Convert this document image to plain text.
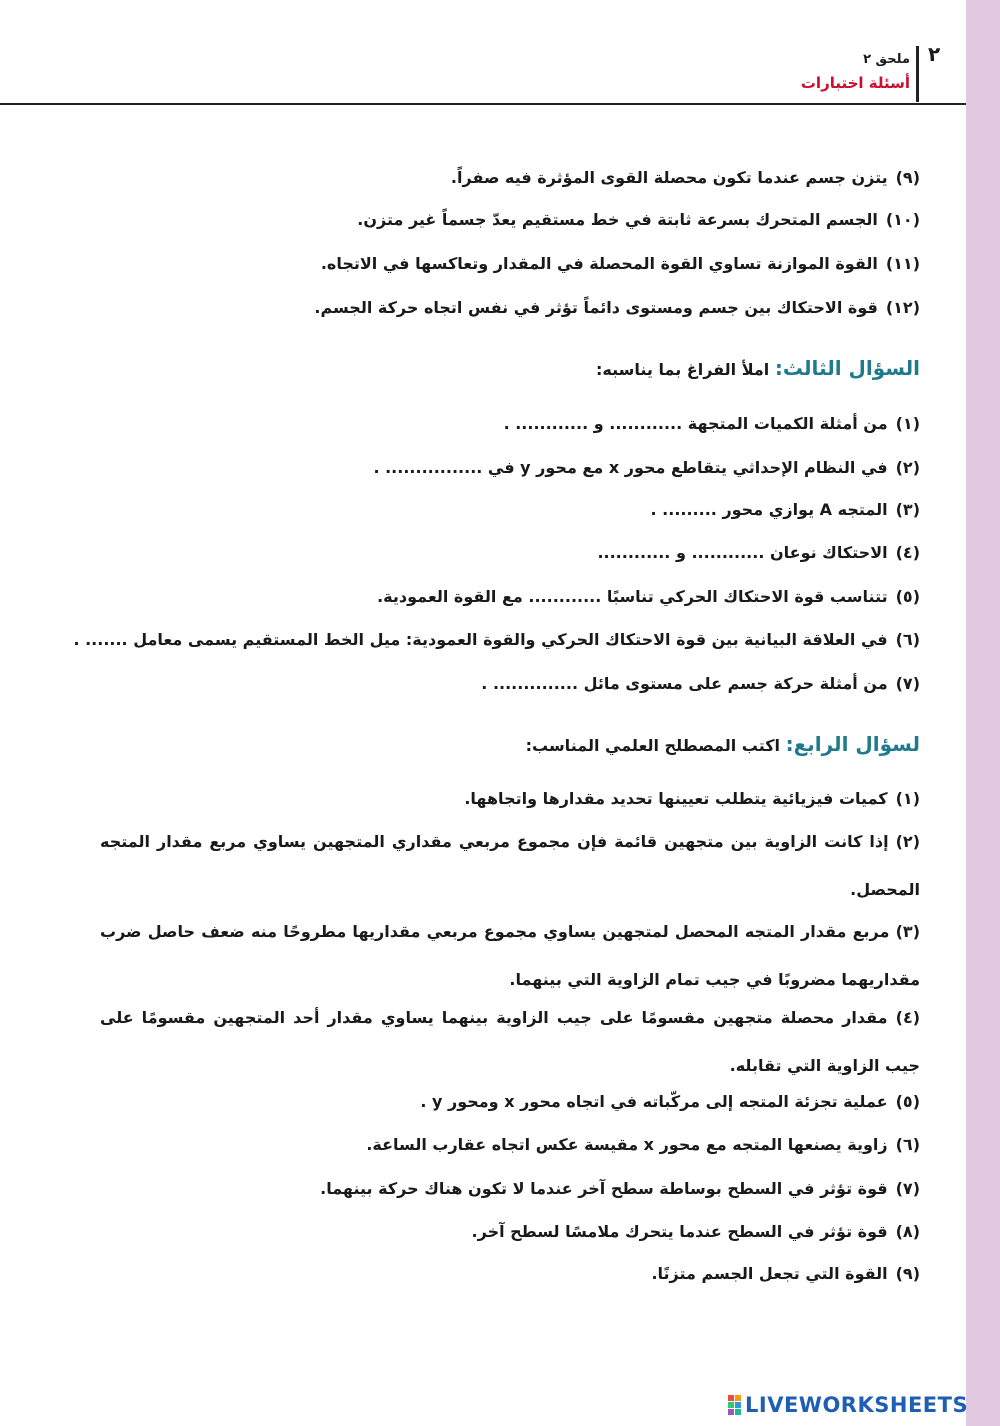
٢
ملحق ٢
أسئلة اختبارات
(٩)يتزن جسم عندما تكون محصلة القوى المؤثرة فيه صفراً.
(١٠)الجسم المتحرك بسرعة ثابتة في خط مستقيم يعدّ جسماً غير متزن.
(١١)القوة الموازنة تساوي القوة المحصلة في المقدار وتعاكسها في الاتجاه.
(١٢)قوة الاحتكاك بين جسم ومستوى دائماً تؤثر في نفس اتجاه حركة الجسم.
السؤال الثالث: املأ الفراغ بما يناسبه:
(١)من أمثلة الكميات المتجهة ............ و ............ .
(٢)في النظام الإحداثي يتقاطع محور x مع محور y في ................ .
(٣)المتجه A يوازي محور ......... .
(٤)الاحتكاك نوعان ............ و ............
(٥)تتناسب قوة الاحتكاك الحركي تناسبًا ............ مع القوة العمودية.
(٦)في العلاقة البيانية بين قوة الاحتكاك الحركي والقوة العمودية: ميل الخط المستقيم يسمى معامل ....... .
(٧)من أمثلة حركة جسم على مستوى مائل .............. .
لسؤال الرابع: اكتب المصطلح العلمي المناسب:
(١)كميات فيزيائية يتطلب تعيينها تحديد مقدارها واتجاهها.
(٢) إذا كانت الزاوية بين متجهين قائمة فإن مجموع مربعي مقداري المتجهين يساوي مربع مقدار المتجه المحصل.
(٣) مربع مقدار المتجه المحصل لمتجهين يساوي مجموع مربعي مقداريها مطروحًا منه ضعف حاصل ضرب مقداريهما مضروبًا في جيب تمام الزاوية التي بينهما.
(٤) مقدار محصلة متجهين مقسومًا على جيب الزاوية بينهما يساوي مقدار أحد المتجهين مقسومًا على جيب الزاوية التي تقابله.
(٥)عملية تجزئة المتجه إلى مركّباته في اتجاه محور x ومحور y .
(٦)زاوية يصنعها المتجه مع محور x مقيسة عكس اتجاه عقارب الساعة.
(٧)قوة تؤثر في السطح بوساطة سطح آخر عندما لا تكون هناك حركة بينهما.
(٨)قوة تؤثر في السطح عندما يتحرك ملامسًا لسطح آخر.
(٩)القوة التي تجعل الجسم متزنًا.
LIVEWORKSHEETS
